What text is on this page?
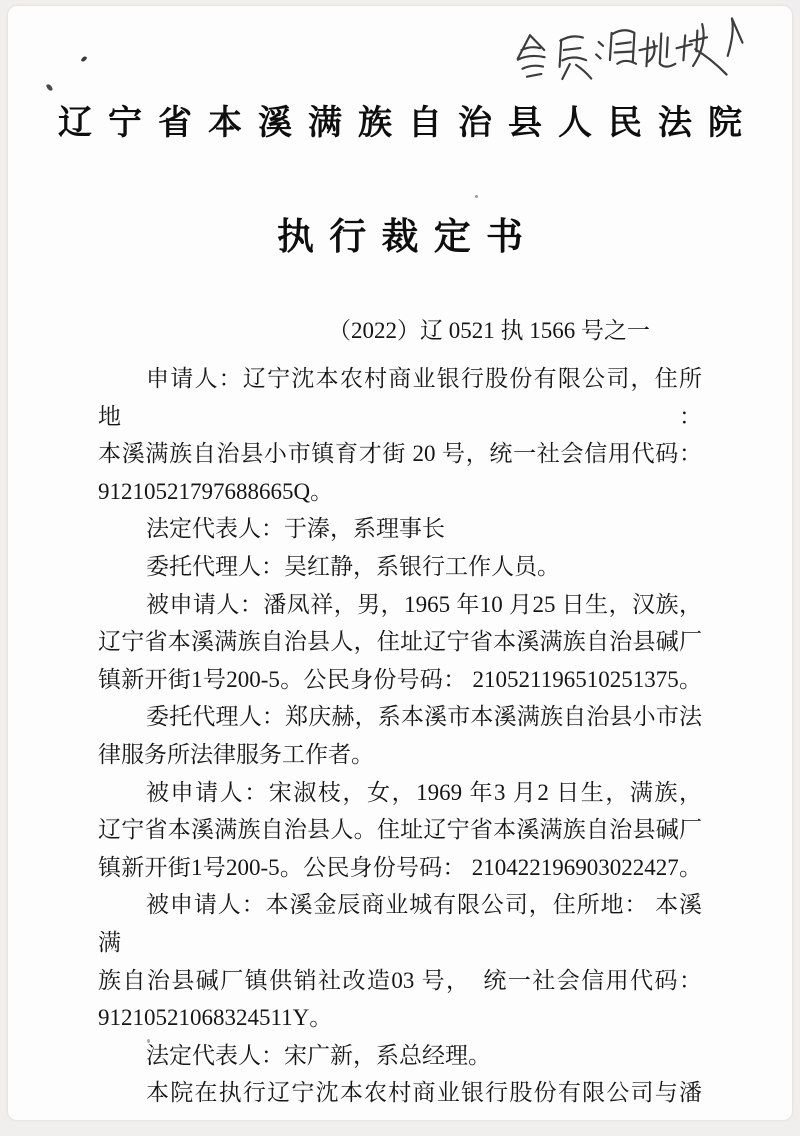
辽宁省本溪满族自治县人民法院
执 行 裁 定 书
（2022）辽 0521 执 1566 号之一
申请人：辽宁沈本农村商业银行股份有限公司，住所地：
本溪满族自治县小市镇育才街 20 号，统一社会信用代码：
91210521797688665Q。
法定代表人：于溱，系理事长
委托代理人：吴红静，系银行工作人员。
被申请人：潘凤祥，男，1965 年10 月25 日生，汉族，
辽宁省本溪满族自治县人，住址辽宁省本溪满族自治县碱厂
镇新开街1号200-5。公民身份号码： 210521196510251375。
委托代理人：郑庆赫，系本溪市本溪满族自治县小市法
律服务所法律服务工作者。
被申请人：宋淑枝，女，1969 年3 月2 日生，满族，
辽宁省本溪满族自治县人。住址辽宁省本溪满族自治县碱厂
镇新开街1号200-5。公民身份号码： 210422196903022427。
被申请人：本溪金辰商业城有限公司，住所地： 本溪满
族自治县碱厂镇供销社改造03 号，　统一社会信用代码：
91210521068324511Y。
法定代表人：宋广新，系总经理。
本院在执行辽宁沈本农村商业银行股份有限公司与潘
